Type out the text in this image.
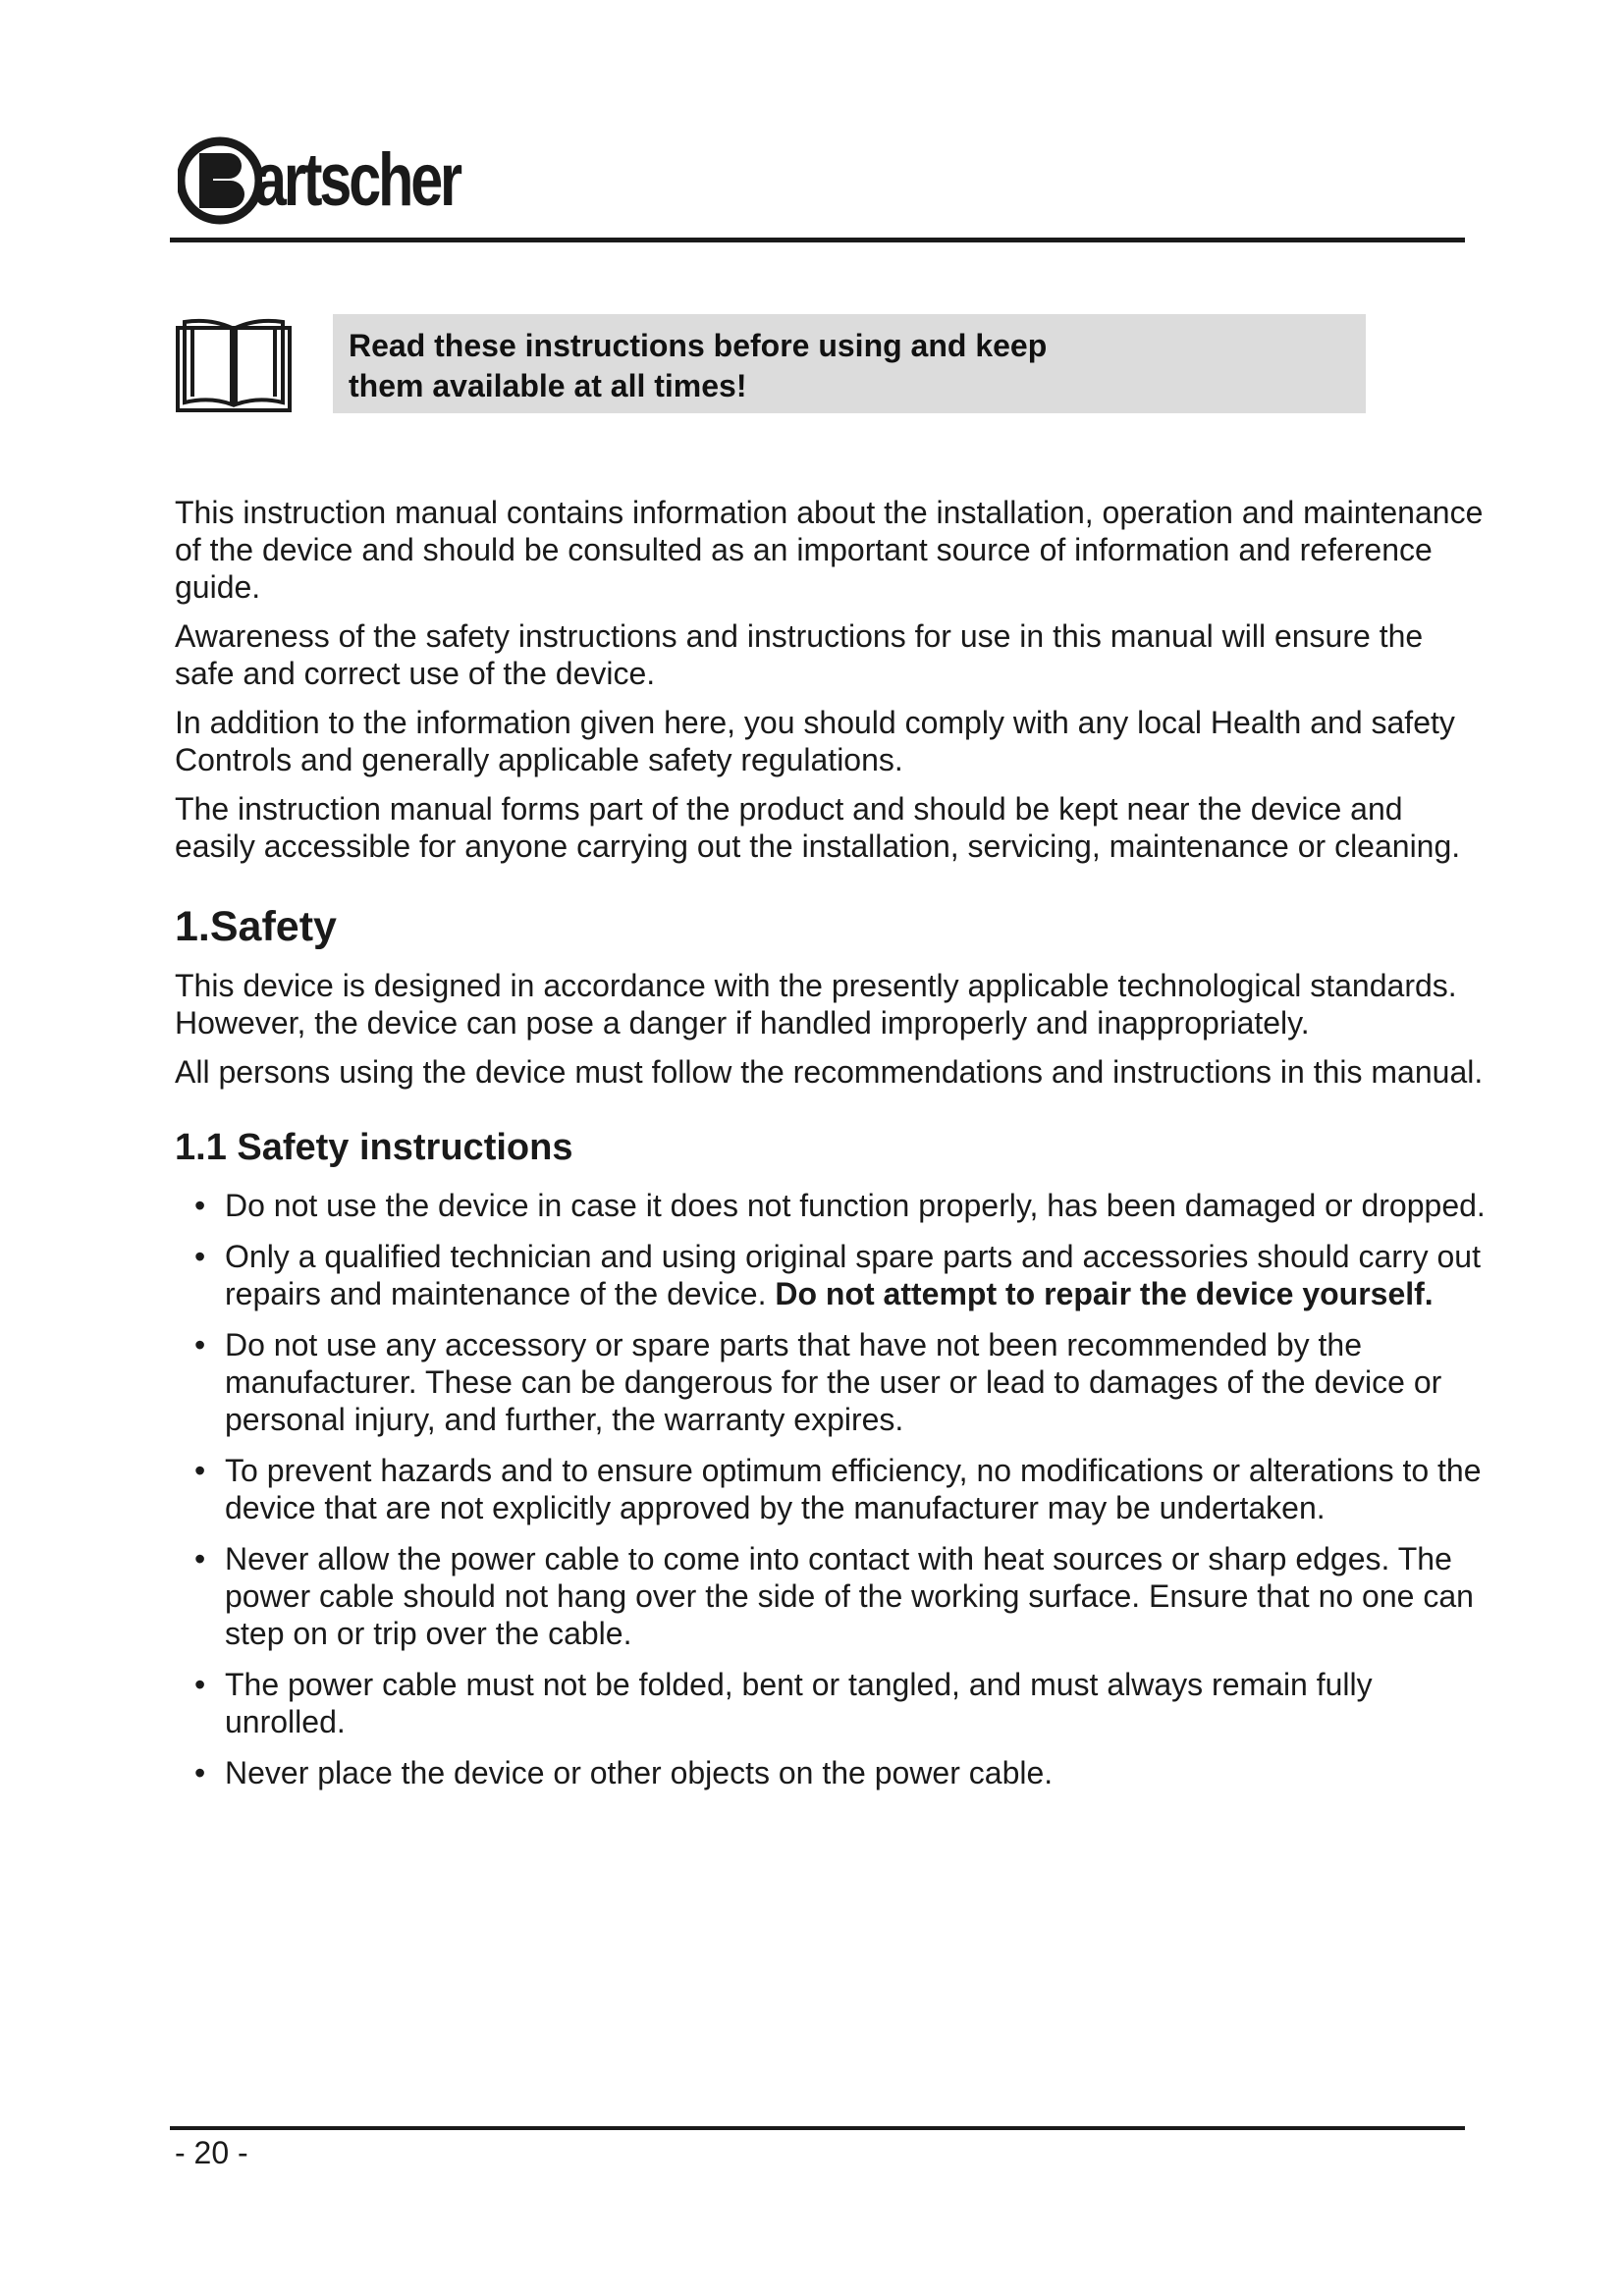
artscher
Read these instructions before using and keep
them available at all times!

This instruction manual contains information about the installation, operation and maintenance of the device and should be consulted as an important source of information and reference guide.

Awareness of the safety instructions and instructions for use in this manual will ensure the safe and correct use of the device.

In addition to the information given here, you should comply with any local Health and safety Controls and generally applicable safety regulations.

The instruction manual forms part of the product and should be kept near the device and easily accessible for anyone carrying out the installation, servicing, maintenance or cleaning.

1.Safety

This device is designed in accordance with the presently applicable technological standards. However, the device can pose a danger if handled improperly and inappropriately.

All persons using the device must follow the recommendations and instructions in this manual.

1.1 Safety instructions
• Do not use the device in case it does not function properly, has been damaged or dropped.
• Only a qualified technician and using original spare parts and accessories should carry out repairs and maintenance of the device. Do not attempt to repair the device yourself.
• Do not use any accessory or spare parts that have not been recommended by the manufacturer. These can be dangerous for the user or lead to damages of the device or personal injury, and further, the warranty expires.
• To prevent hazards and to ensure optimum efficiency, no modifications or alterations to the device that are not explicitly approved by the manufacturer may be undertaken.
• Never allow the power cable to come into contact with heat sources or sharp edges. The power cable should not hang over the side of the working surface. Ensure that no one can step on or trip over the cable.
• The power cable must not be folded, bent or tangled, and must always remain fully unrolled.
• Never place the device or other objects on the power cable.
- 20 -
